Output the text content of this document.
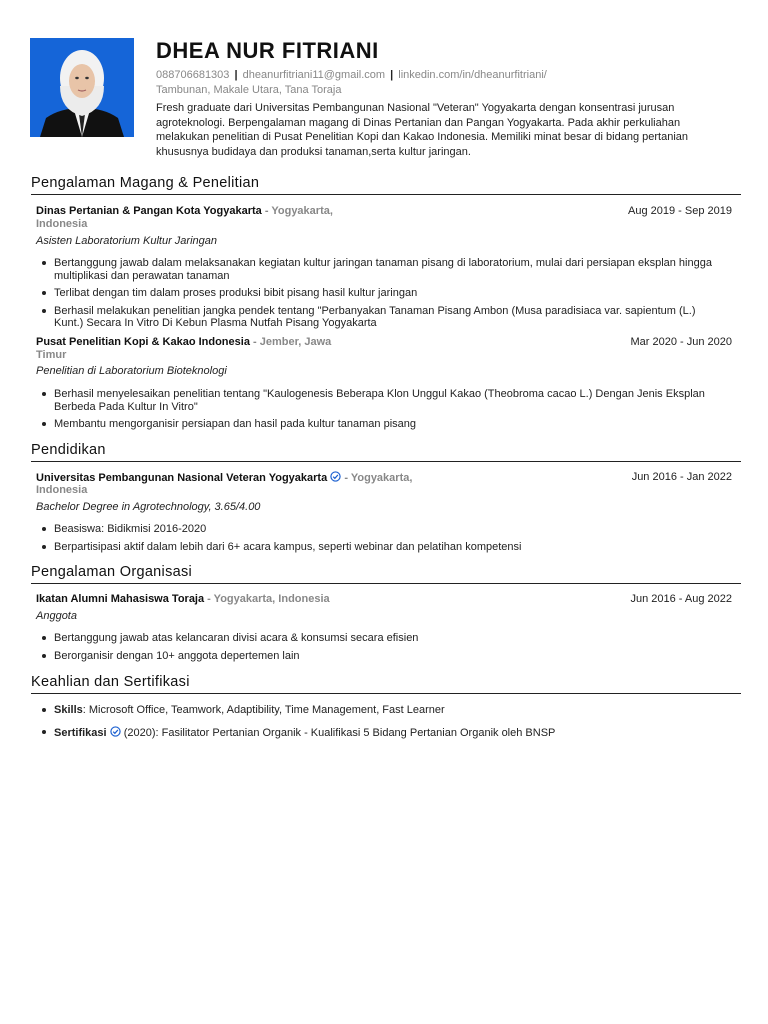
DHEA NUR FITRIANI
088706681303 | dheanurfitriani11@gmail.com | linkedin.com/in/dheanurfitriani/
Tambunan, Makale Utara, Tana Toraja
Fresh graduate dari Universitas Pembangunan Nasional "Veteran" Yogyakarta dengan konsentrasi jurusan agroteknologi. Berpengalaman magang di Dinas Pertanian dan Pangan Yogyakarta. Pada akhir perkuliahan melakukan penelitian di Pusat Penelitian Kopi dan Kakao Indonesia. Memiliki minat besar di bidang pertanian khususnya budidaya dan produksi tanaman,serta kultur jaringan.
Pengalaman Magang & Penelitian
Dinas Pertanian & Pangan Kota Yogyakarta - Yogyakarta,	Aug 2019 - Sep 2019
Indonesia
Asisten Laboratorium Kultur Jaringan
Bertanggung jawab dalam melaksanakan kegiatan kultur jaringan tanaman pisang di laboratorium, mulai dari persiapan eksplan hingga multiplikasi dan perawatan tanaman
Terlibat dengan tim dalam proses produksi bibit pisang hasil kultur jaringan
Berhasil melakukan penelitian jangka pendek tentang "Perbanyakan Tanaman Pisang Ambon (Musa paradisiaca var. sapientum (L.) Kunt.) Secara In Vitro Di Kebun Plasma Nutfah Pisang Yogyakarta
Pusat Penelitian Kopi & Kakao Indonesia - Jember, Jawa	Mar 2020 - Jun 2020
Timur
Penelitian di Laboratorium Bioteknologi
Berhasil menyelesaikan penelitian tentang "Kaulogenesis Beberapa Klon Unggul Kakao (Theobroma cacao L.) Dengan Jenis Eksplan Berbeda Pada Kultur In Vitro"
Membantu mengorganisir persiapan dan hasil pada kultur tanaman pisang
Pendidikan
Universitas Pembangunan Nasional Veteran Yogyakarta  - Yogyakarta,	Jun 2016 - Jan 2022
Indonesia
Bachelor Degree in Agrotechnology, 3.65/4.00
Beasiswa: Bidikmisi 2016-2020
Berpartisipasi aktif dalam lebih dari 6+ acara kampus, seperti webinar dan pelatihan kompetensi
Pengalaman Organisasi
Ikatan Alumni Mahasiswa Toraja - Yogyakarta, Indonesia	Jun 2016 - Aug 2022
Anggota
Bertanggung jawab atas kelancaran divisi acara & konsumsi secara efisien
Berorganisir dengan 10+ anggota depertemen lain
Keahlian dan Sertifikasi
Skills: Microsoft Office, Teamwork, Adaptibility, Time Management, Fast Learner
Sertifikasi  (2020): Fasilitator Pertanian Organik - Kualifikasi 5 Bidang Pertanian Organik oleh BNSP
